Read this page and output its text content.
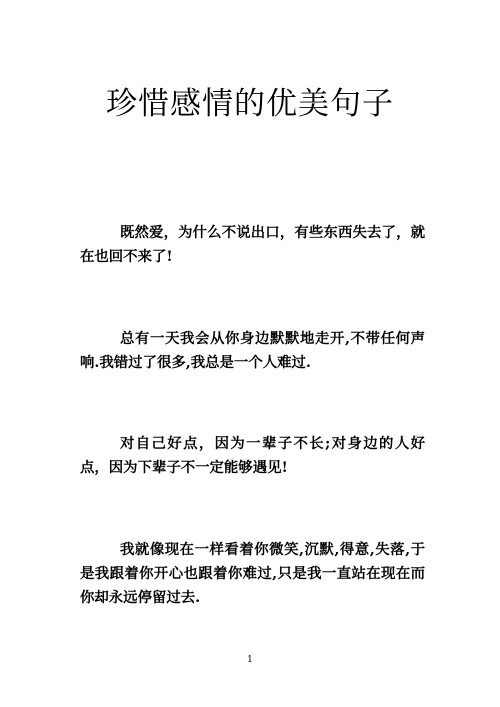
珍惜感情的优美句子
既然爱，为什么不说出口，有些东西失去了，就在也回不来了!
总有一天我会从你身边默默地走开,不带任何声响.我错过了很多,我总是一个人难过.
对自己好点，因为一辈子不长;对身边的人好点，因为下辈子不一定能够遇见!
我就像现在一样看着你微笑,沉默,得意,失落,于是我跟着你开心也跟着你难过,只是我一直站在现在而 你却永远停留过去.
1
